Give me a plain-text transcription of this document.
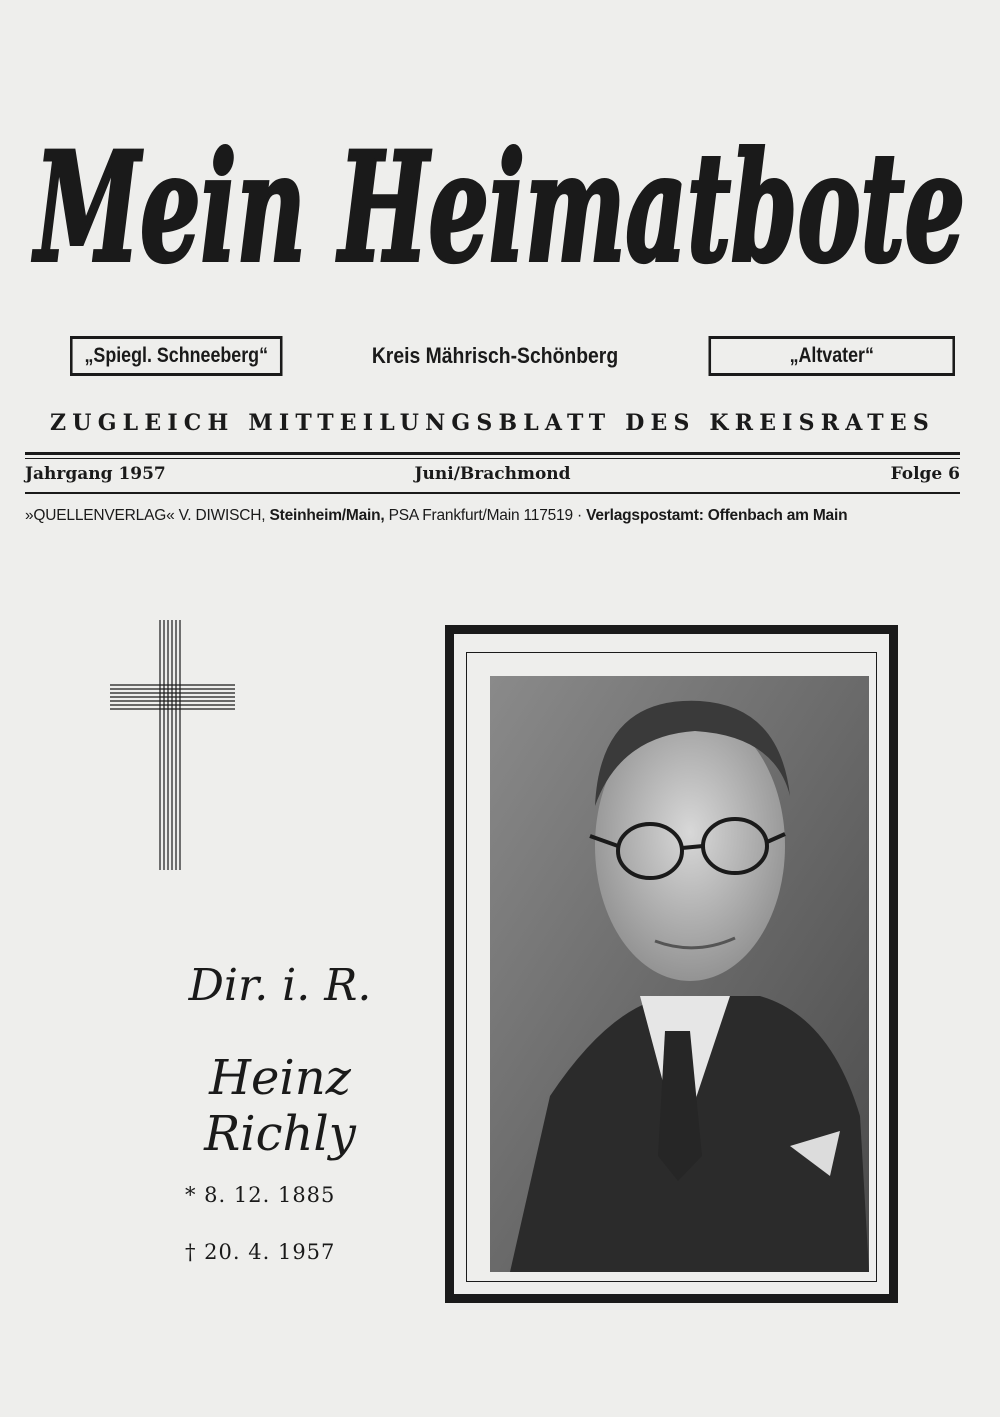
Mein Heimatbote
„Spiegl. Schneeberg“	Kreis Mährisch-Schönberg	„Altvater“
ZUGLEICH MITTEILUNGSBLATT DES KREISRATES
Jahrgang 1957	Juni/Brachmond	Folge 6
»QUELLENVERLAG« V. DIWISCH, Steinheim/Main, PSA Frankfurt/Main 117519 · Verlagspostamt: Offenbach am Main
Dir. i. R.
Heinz Richly
* 8. 12. 1885
† 20. 4. 1957
